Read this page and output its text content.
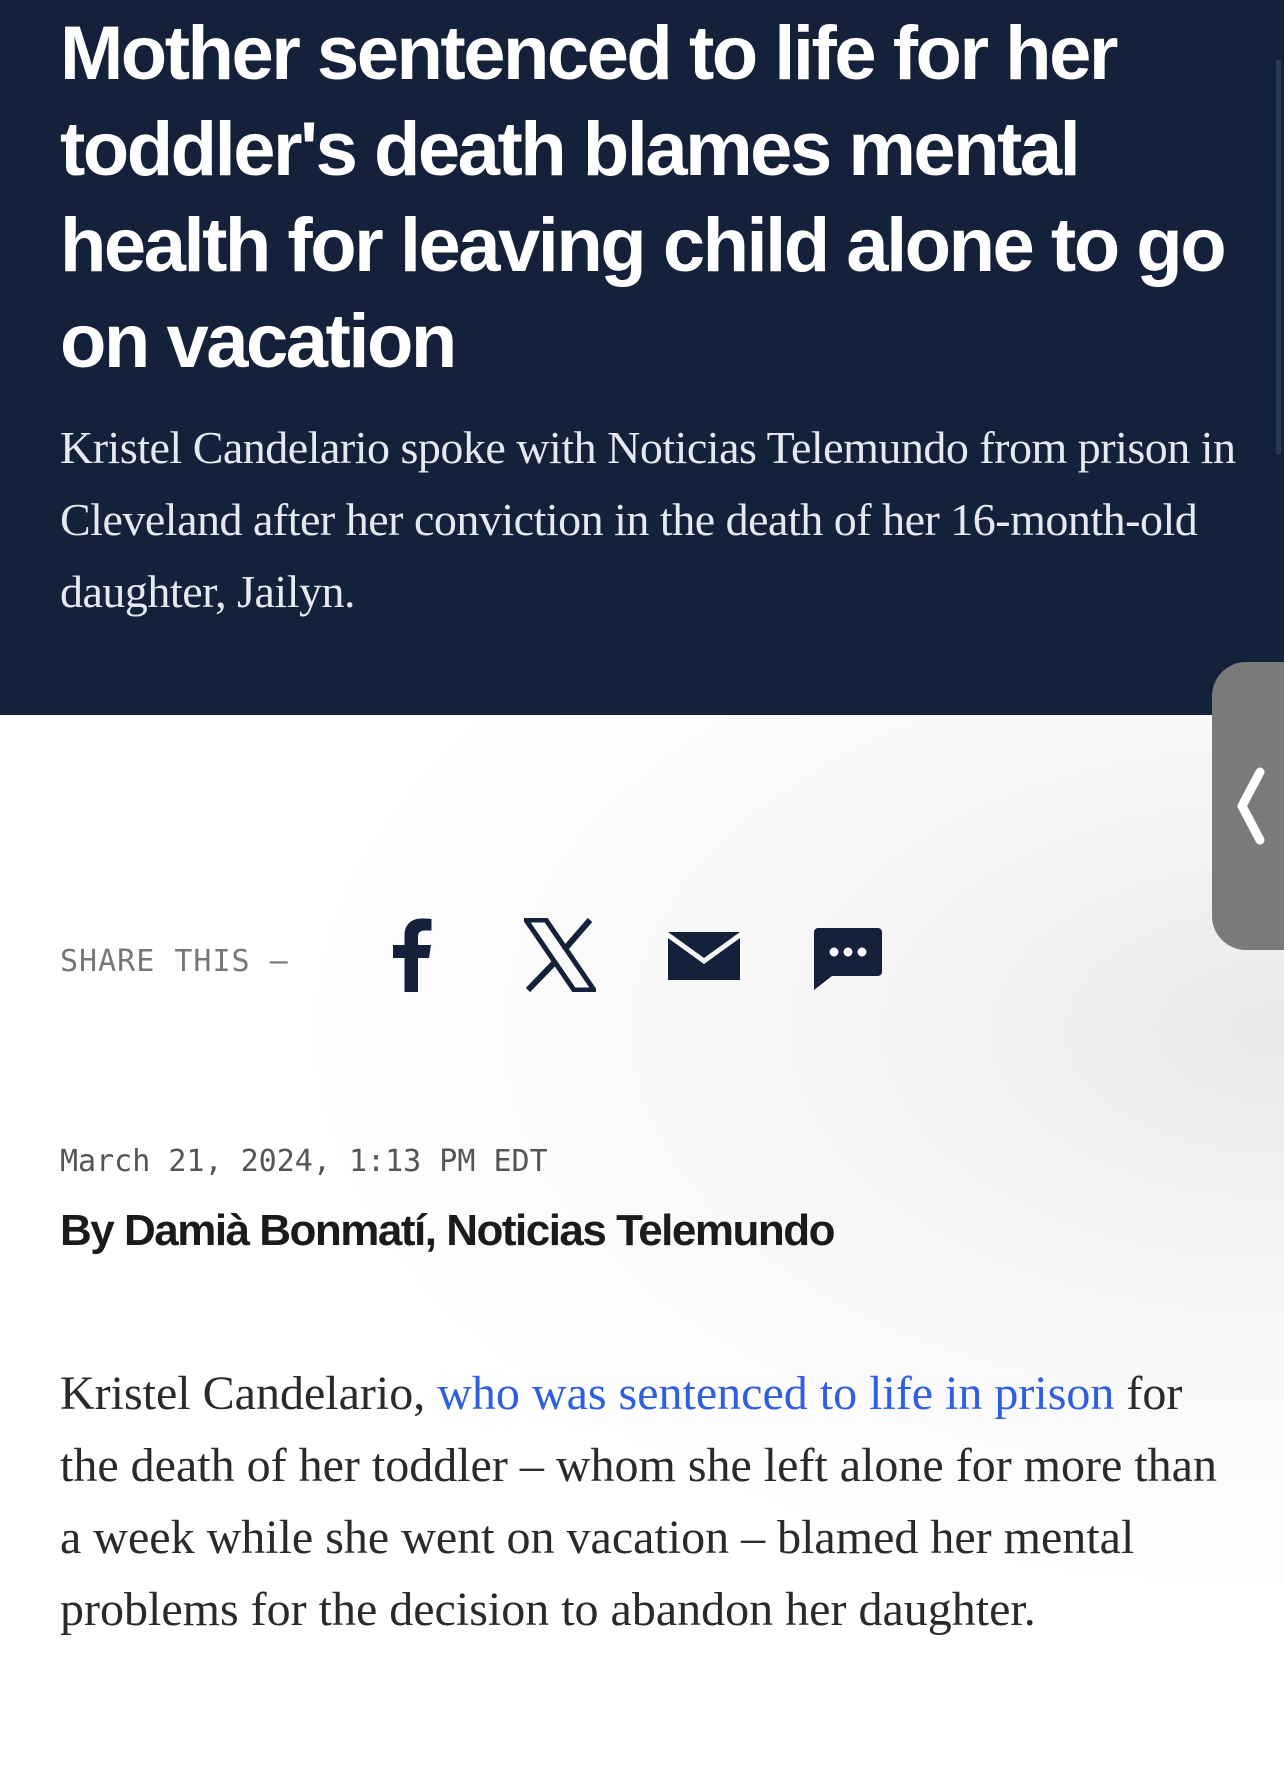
Mother sentenced to life for her toddler's death blames mental health for leaving child alone to go on vacation

Kristel Candelario spoke with Noticias Telemundo from prison in Cleveland after her conviction in the death of her 16-month-old daughter, Jailyn.

SHARE THIS —
March 21, 2024, 1:13 PM EDT
By Damià Bonmatí, Noticias Telemundo

Kristel Candelario, who was sentenced to life in prison for the death of her toddler – whom she left alone for more than a week while she went on vacation – blamed her mental problems for the decision to abandon her daughter.
